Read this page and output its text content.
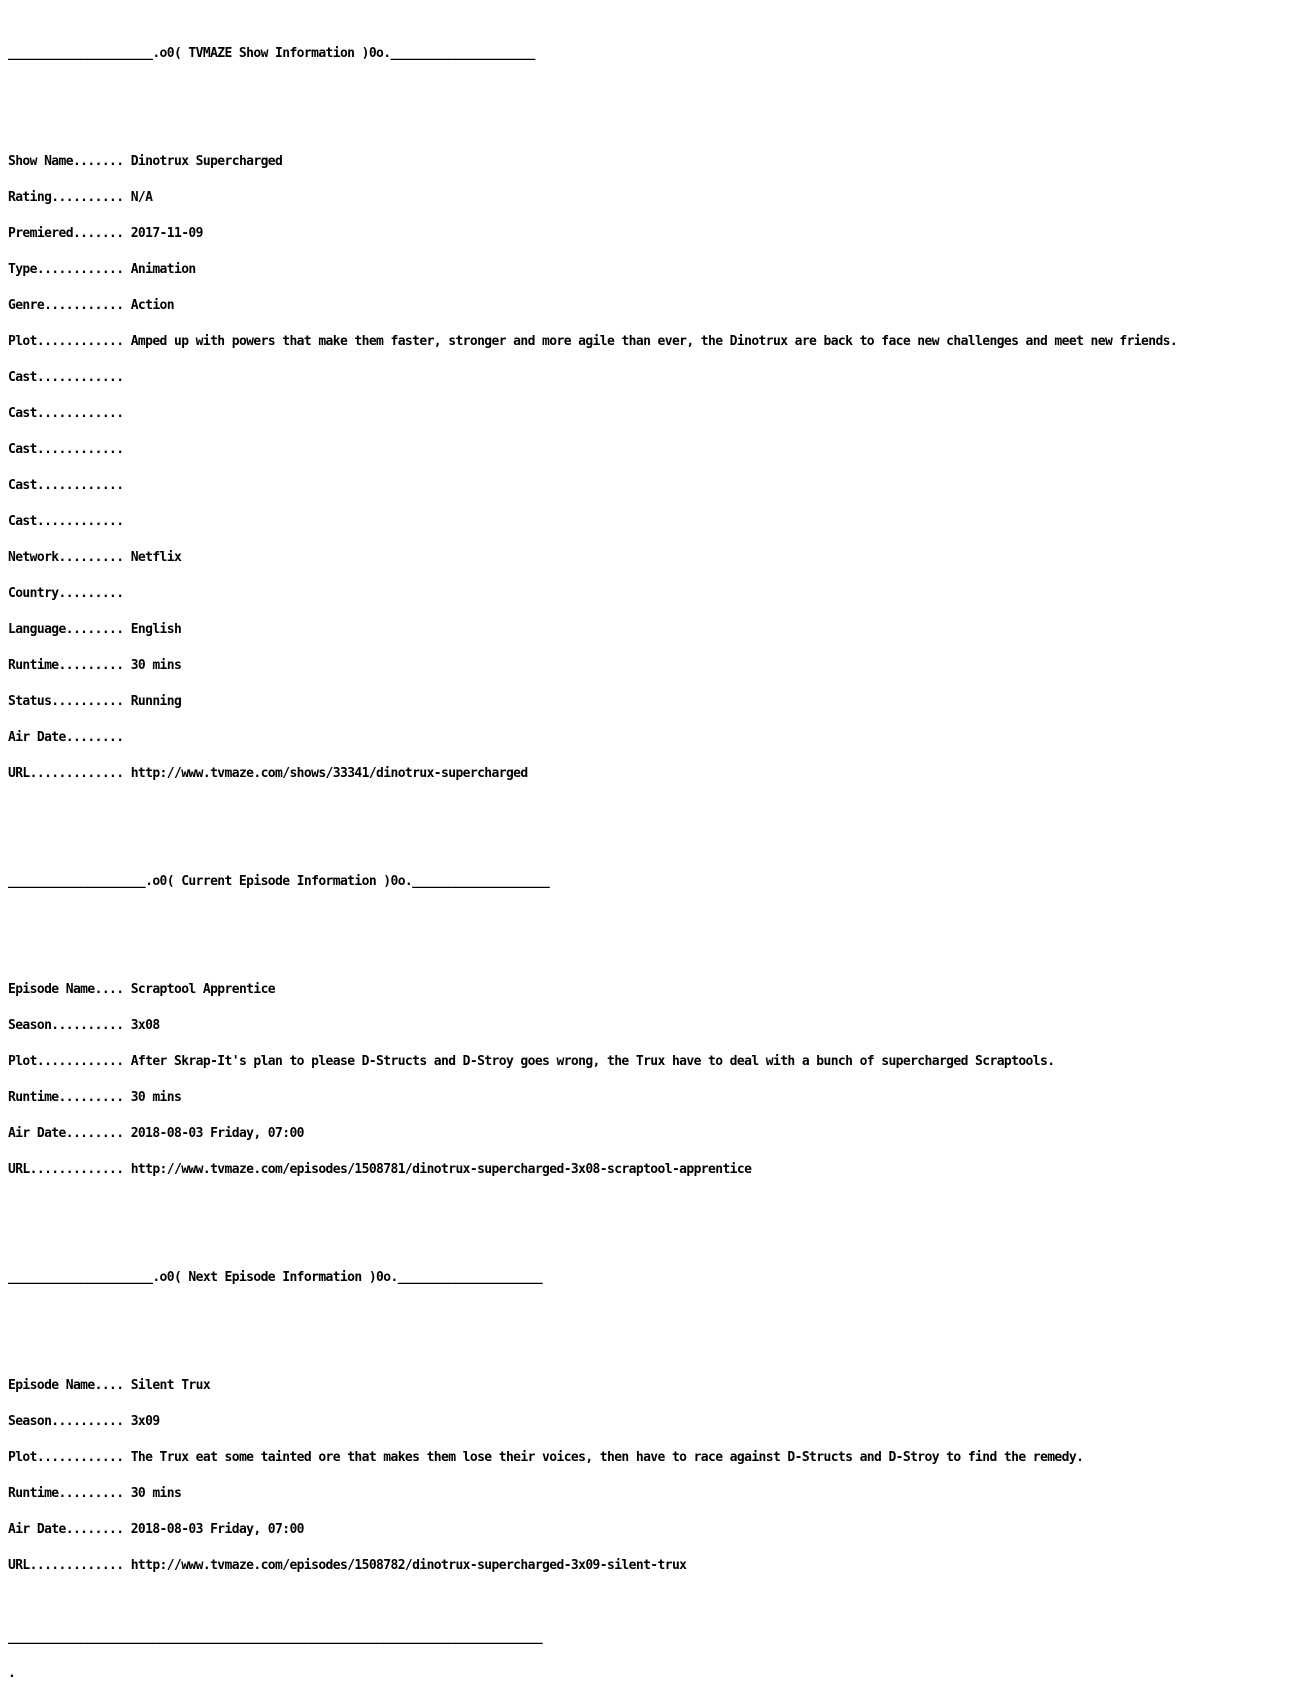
____________________.o0( TVMAZE Show Information )0o.____________________

Show Name....... Dinotrux Supercharged

Rating.......... N/A

Premiered....... 2017-11-09

Type............ Animation

Genre........... Action

Plot............ Amped up with powers that make them faster, stronger and more agile than ever, the Dinotrux are back to face new challenges and meet new friends.

Cast............

Cast............

Cast............

Cast............

Cast............

Network......... Netflix

Country.........

Language........ English

Runtime......... 30 mins

Status.......... Running

Air Date........

URL............. http://www.tvmaze.com/shows/33341/dinotrux-supercharged

___________________.o0( Current Episode Information )0o.___________________

Episode Name.... Scraptool Apprentice

Season.......... 3x08

Plot............ After Skrap-It's plan to please D-Structs and D-Stroy goes wrong, the Trux have to deal with a bunch of supercharged Scraptools.

Runtime......... 30 mins

Air Date........ 2018-08-03 Friday, 07:00

URL............. http://www.tvmaze.com/episodes/1508781/dinotrux-supercharged-3x08-scraptool-apprentice

____________________.o0( Next Episode Information )0o.____________________

Episode Name.... Silent Trux

Season.......... 3x09

Plot............ The Trux eat some tainted ore that makes them lose their voices, then have to race against D-Structs and D-Stroy to find the remedy.

Runtime......... 30 mins

Air Date........ 2018-08-03 Friday, 07:00

URL............. http://www.tvmaze.com/episodes/1508782/dinotrux-supercharged-3x09-silent-trux

__________________________________________________________________________

.
